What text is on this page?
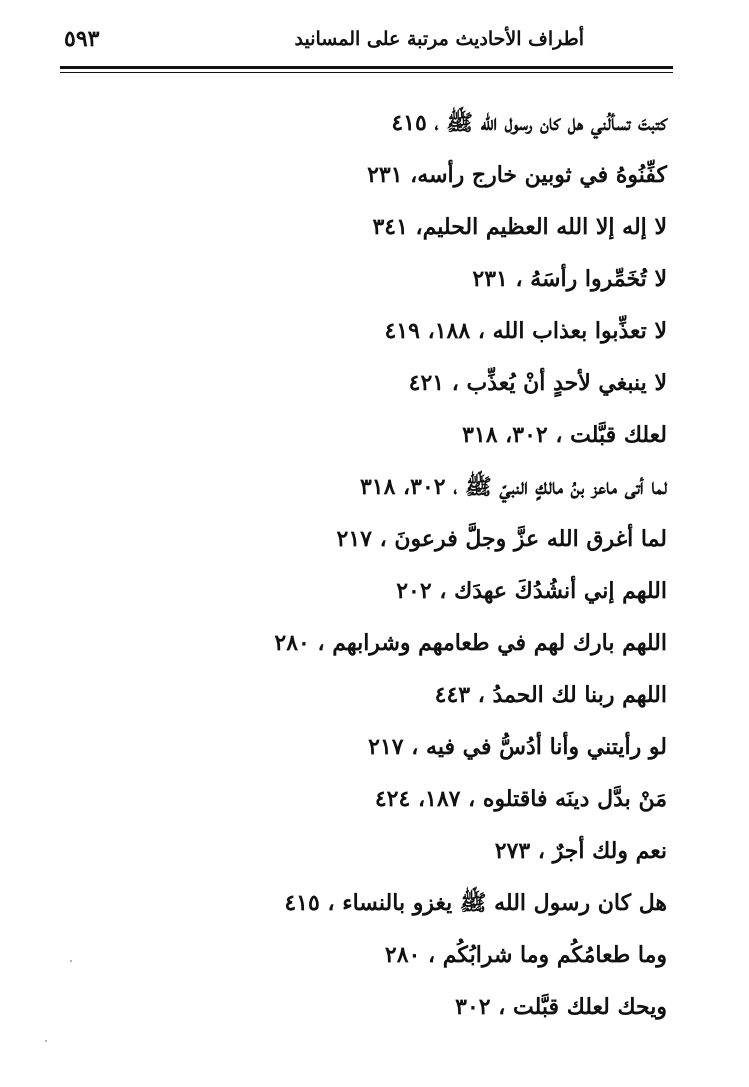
٥٩٣	أطراف الأحاديث مرتبة على المسانيد
كتبتَ تسألُني هل كان رسول الله ﷺ ، ٤١٥
كفِّنُوهُ في ثوبين خارج رأسه، ٢٣١
لا إله إلا الله العظيم الحليم، ٣٤١
لا تُخَمِّروا رأسَهُ ، ٢٣١
لا تعذِّبوا بعذاب الله ، ١٨٨، ٤١٩
لا ينبغي لأحدٍ أنْ يُعذِّب ، ٤٢١
لعلك قبَّلت ، ٣٠٢، ٣١٨
لما أتى ماعز بنُ مالكٍ النبيّ ﷺ ، ٣٠٢، ٣١٨
لما أغرق الله عزَّ وجلَّ فرعونَ ، ٢١٧
اللهم إني أنشُدُكَ عهدَك ، ٢٠٢
اللهم بارك لهم في طعامهم وشرابهم ، ٢٨٠
اللهم ربنا لك الحمدُ ، ٤٤٣
لو رأيتني وأنا أدُسُّ في فيه ، ٢١٧
مَنْ بدَّل دينَه فاقتلوه ، ١٨٧، ٤٢٤
نعم ولك أجرٌ ، ٢٧٣
هل كان رسول الله ﷺ يغزو بالنساء ، ٤١٥
وما طعامُكُم وما شرابُكُم ، ٢٨٠
ويحك لعلك قبَّلت ، ٣٠٢
